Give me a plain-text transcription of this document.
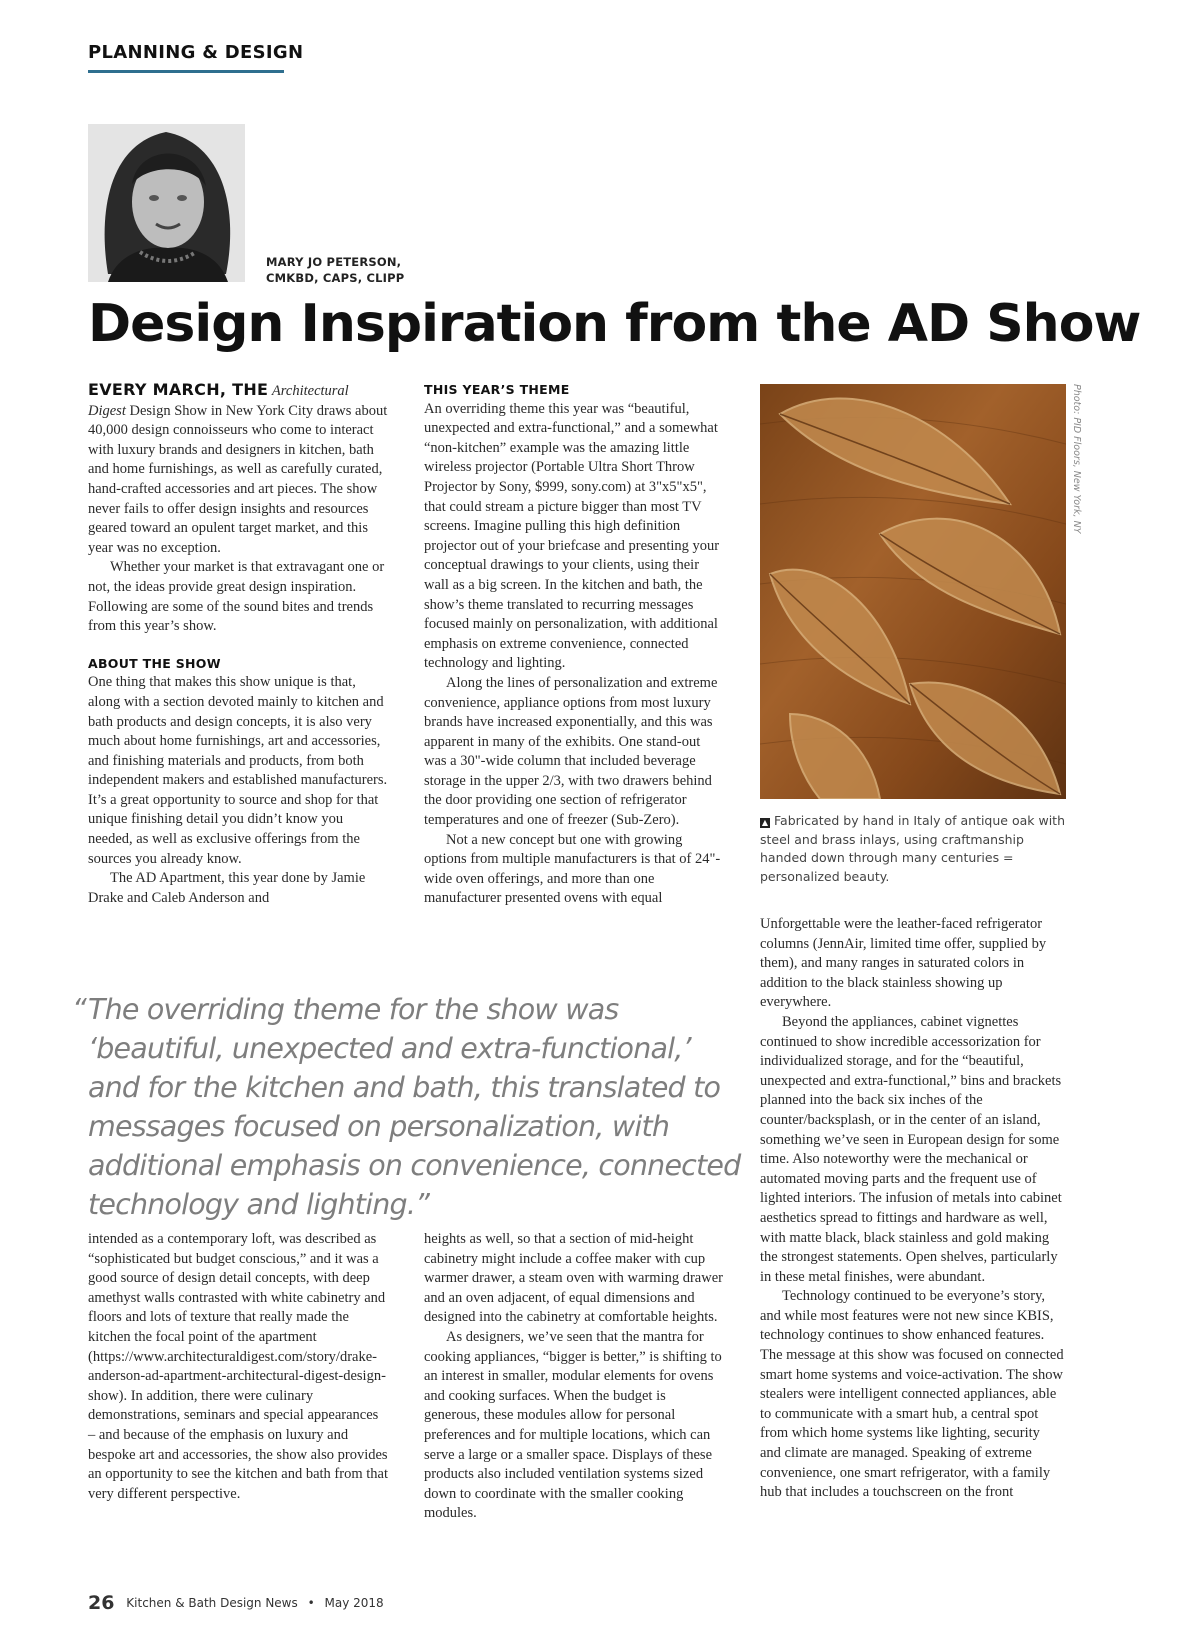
PLANNING & DESIGN
MARY JO PETERSON,
CMKBD, CAPS, CLIPP
Design Inspiration from the AD Show

EVERY MARCH, THE Architectural Digest Design Show in New York City draws about 40,000 design connoisseurs who come to interact with luxury brands and designers in kitchen, bath and home furnishings, as well as carefully curated, hand-crafted accessories and art pieces. The show never fails to offer design insights and resources geared toward an opulent target market, and this year was no exception.

Whether your market is that extravagant one or not, the ideas provide great design inspiration. Following are some of the sound bites and trends from this year’s show.

ABOUT THE SHOW

One thing that makes this show unique is that, along with a section devoted mainly to kitchen and bath products and design concepts, it is also very much about home furnishings, art and accessories, and finishing materials and products, from both independent makers and established manufacturers. It’s a great opportunity to source and shop for that unique finishing detail you didn’t know you needed, as well as exclusive offerings from the sources you already know.

The AD Apartment, this year done by Jamie Drake and Caleb Anderson and

THIS YEAR’S THEME

An overriding theme this year was “beautiful, unexpected and extra-functional,” and a somewhat “non-kitchen” example was the amazing little wireless projector (Portable Ultra Short Throw Projector by Sony, $999, sony.com) at 3"x5"x5", that could stream a picture bigger than most TV screens. Imagine pulling this high definition projector out of your briefcase and presenting your conceptual drawings to your clients, using their wall as a big screen. In the kitchen and bath, the show’s theme translated to recurring messages focused mainly on personalization, with additional emphasis on extreme convenience, connected technology and lighting.

Along the lines of personalization and extreme convenience, appliance options from most luxury brands have increased exponentially, and this was apparent in many of the exhibits. One stand-out was a 30"-wide column that included beverage storage in the upper 2/3, with two drawers behind the door providing one section of refrigerator temperatures and one of freezer (Sub-Zero).

Not a new concept but one with growing options from multiple manufacturers is that of 24"-wide oven offerings, and more than one manufacturer presented ovens with equal

Photo: PID Floors, New York, NY
▲ Fabricated by hand in Italy of antique oak with steel and brass inlays, using craftmanship handed down through many centuries = personalized beauty.

Unforgettable were the leather-faced refrigerator columns (JennAir, limited time offer, supplied by them), and many ranges in saturated colors in addition to the black stainless showing up everywhere.

Beyond the appliances, cabinet vignettes continued to show incredible accessorization for individualized storage, and for the “beautiful, unexpected and extra-functional,” bins and brackets planned into the back six inches of the counter/backsplash, or in the center of an island, something we’ve seen in European design for some time. Also noteworthy were the mechanical or automated moving parts and the frequent use of lighted interiors. The infusion of metals into cabinet aesthetics spread to fittings and hardware as well, with matte black, black stainless and gold making the strongest statements. Open shelves, particularly in these metal finishes, were abundant.

Technology continued to be everyone’s story, and while most features were not new since KBIS, technology continues to show enhanced features. The message at this show was focused on connected smart home systems and voice-activation. The show stealers were intelligent connected appliances, able to communicate with a smart hub, a central spot from which home systems like lighting, security and climate are managed. Speaking of extreme convenience, one smart refrigerator, with a family hub that includes a touchscreen on the front

“ The overriding theme for the show was ‘beautiful, unexpected and extra-functional,’ and for the kitchen and bath, this translated to messages focused on personalization, with additional emphasis on convenience, connected technology and lighting.”

intended as a contemporary loft, was described as “sophisticated but budget conscious,” and it was a good source of design detail concepts, with deep amethyst walls contrasted with white cabinetry and floors and lots of texture that really made the kitchen the focal point of the apartment (https://www.architecturaldigest.com/story/drake-anderson-ad-apartment-architectural-digest-design-show). In addition, there were culinary demonstrations, seminars and special appearances – and because of the emphasis on luxury and bespoke art and accessories, the show also provides an opportunity to see the kitchen and bath from that very different perspective.

heights as well, so that a section of mid-height cabinetry might include a coffee maker with cup warmer drawer, a steam oven with warming drawer and an oven adjacent, of equal dimensions and designed into the cabinetry at comfortable heights.

As designers, we’ve seen that the mantra for cooking appliances, “bigger is better,” is shifting to an interest in smaller, modular elements for ovens and cooking surfaces. When the budget is generous, these modules allow for personal preferences and for multiple locations, which can serve a large or a smaller space. Displays of these products also included ventilation systems sized down to coordinate with the smaller cooking modules.

26 Kitchen & Bath Design News • May 2018
